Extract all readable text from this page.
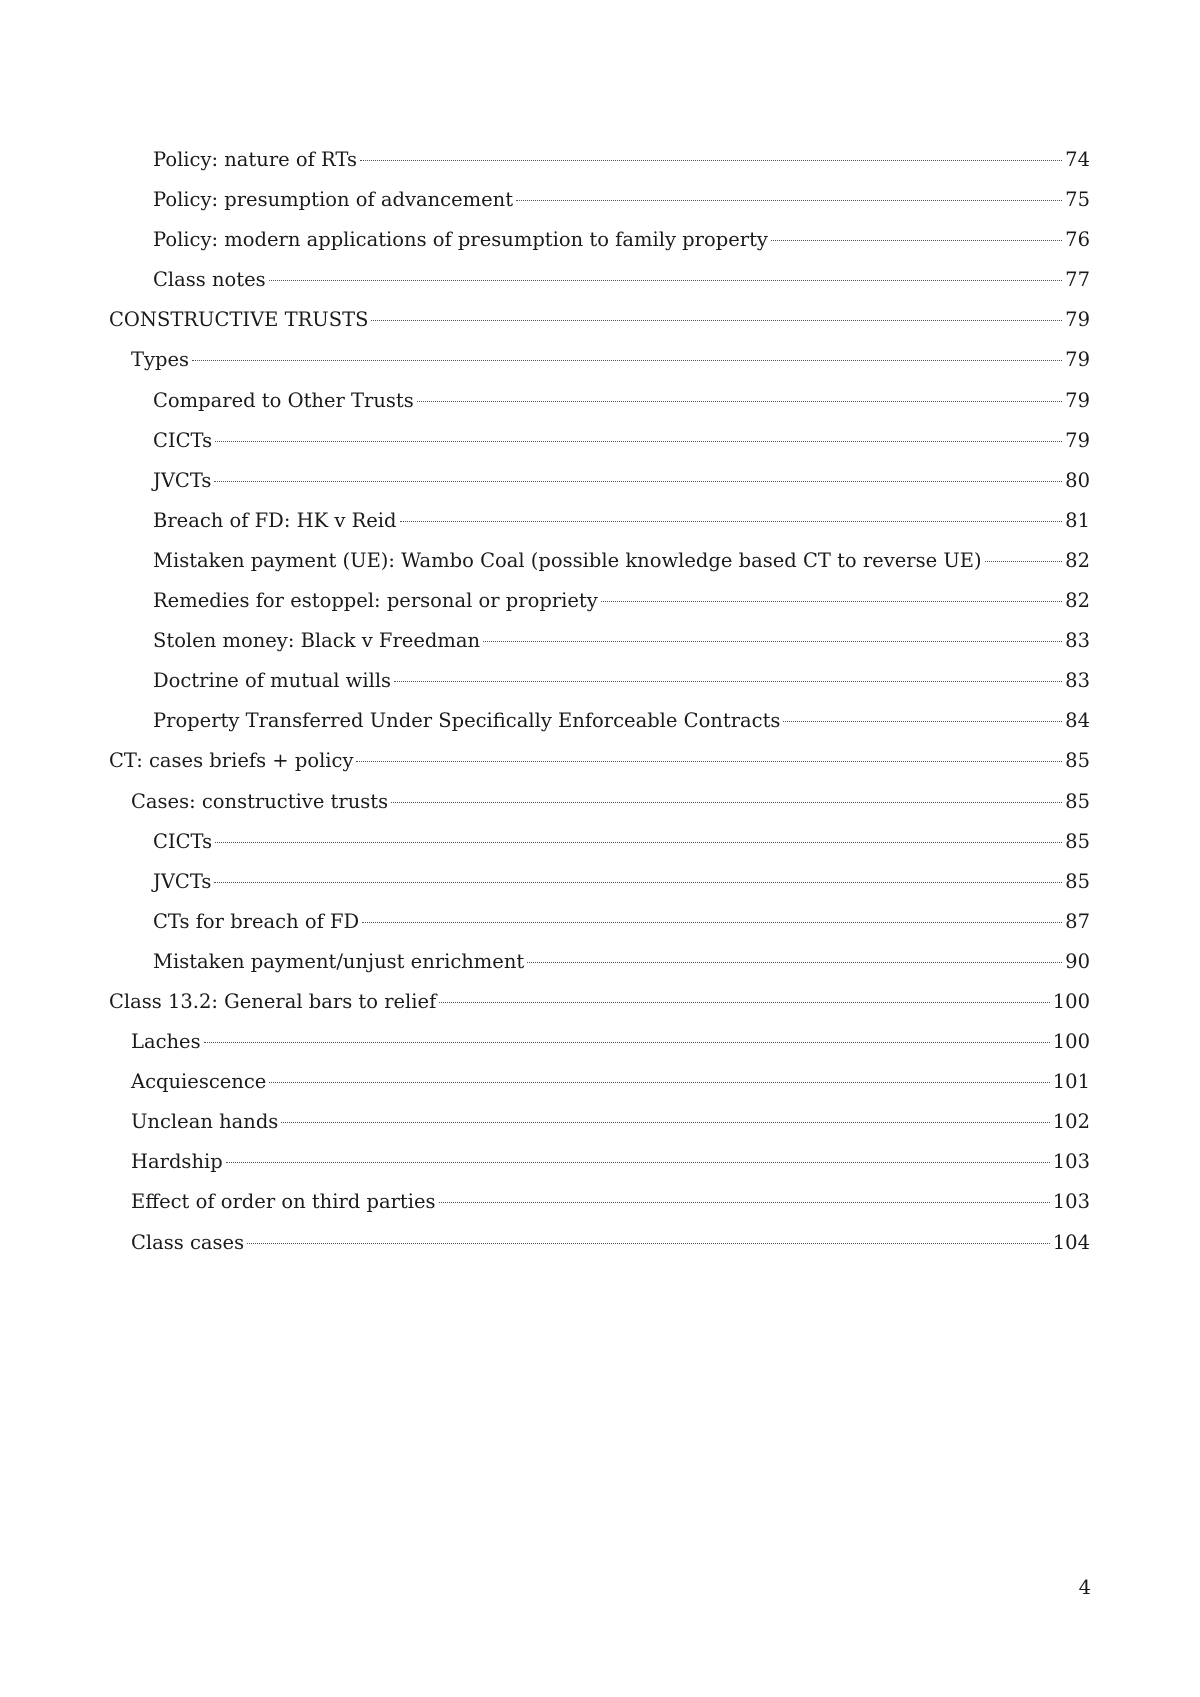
Policy: nature of RTs	74
Policy: presumption of advancement	75
Policy: modern applications of presumption to family property	76
Class notes	77
CONSTRUCTIVE TRUSTS	79
Types	79
Compared to Other Trusts	79
CICTs	79
JVCTs	80
Breach of FD: HK v Reid	81
Mistaken payment (UE): Wambo Coal (possible knowledge based CT to reverse UE)	82
Remedies for estoppel: personal or propriety	82
Stolen money: Black v Freedman	83
Doctrine of mutual wills	83
Property Transferred Under Specifically Enforceable Contracts	84
CT: cases briefs + policy	85
Cases: constructive trusts	85
CICTs	85
JVCTs	85
CTs for breach of FD	87
Mistaken payment/unjust enrichment	90
Class 13.2: General bars to relief	100
Laches	100
Acquiescence	101
Unclean hands	102
Hardship	103
Effect of order on third parties	103
Class cases	104
4
